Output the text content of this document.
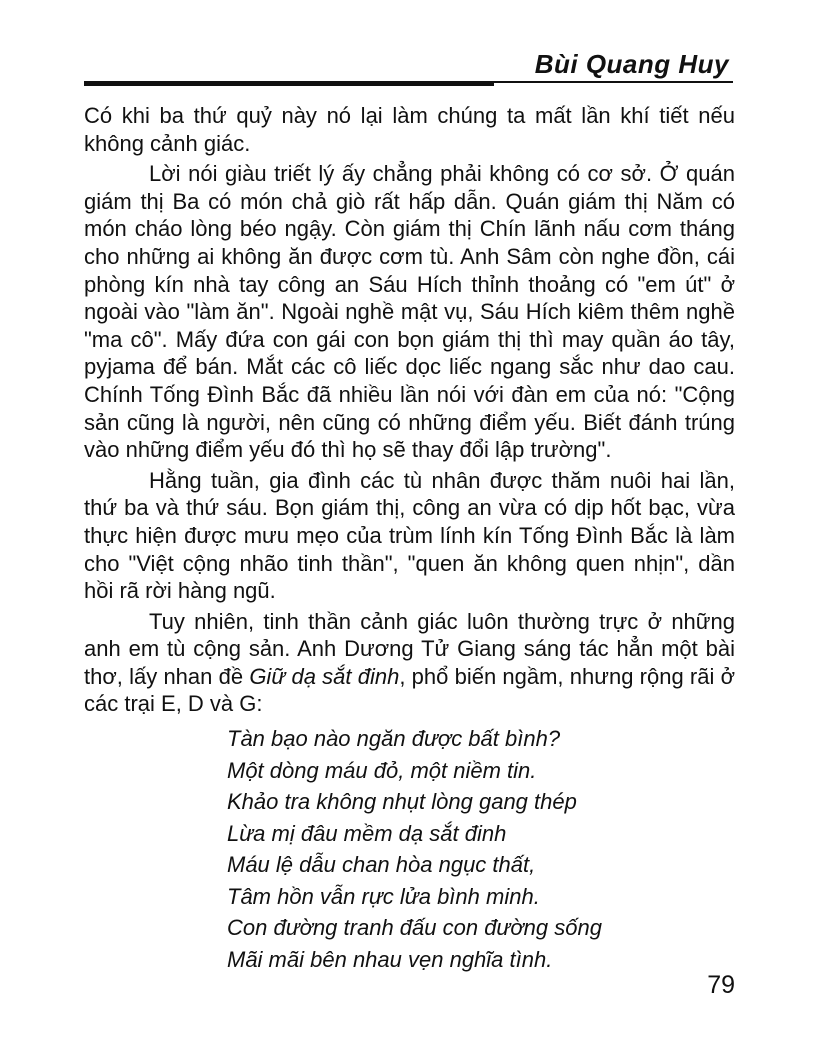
Bùi Quang Huy

Có khi ba thứ quỷ này nó lại làm chúng ta mất lần khí tiết nếu không cảnh giác.

Lời nói giàu triết lý ấy chẳng phải không có cơ sở. Ở quán giám thị Ba có món chả giò rất hấp dẫn. Quán giám thị Năm có món cháo lòng béo ngậy. Còn giám thị Chín lãnh nấu cơm tháng cho những ai không ăn được cơm tù. Anh Sâm còn nghe đồn, cái phòng kín nhà tay công an Sáu Hích thỉnh thoảng có "em út" ở ngoài vào "làm ăn". Ngoài nghề mật vụ, Sáu Hích kiêm thêm nghề "ma cô". Mấy đứa con gái con bọn giám thị thì may quần áo tây, pyjama để bán. Mắt các cô liếc dọc liếc ngang sắc như dao cau. Chính Tống Đình Bắc đã nhiều lần nói với đàn em của nó: "Cộng sản cũng là người, nên cũng có những điểm yếu. Biết đánh trúng vào những điểm yếu đó thì họ sẽ thay đổi lập trường".

Hằng tuần, gia đình các tù nhân được thăm nuôi hai lần, thứ ba và thứ sáu. Bọn giám thị, công an vừa có dịp hốt bạc, vừa thực hiện được mưu mẹo của trùm lính kín Tống Đình Bắc là làm cho "Việt cộng nhão tinh thần", "quen ăn không quen nhịn", dần hồi rã rời hàng ngũ.

Tuy nhiên, tinh thần cảnh giác luôn thường trực ở những anh em tù cộng sản. Anh Dương Tử Giang sáng tác hẳn một bài thơ, lấy nhan đề Giữ dạ sắt đinh, phổ biến ngầm, nhưng rộng rãi ở các trại E, D và G:

Tàn bạo nào ngăn được bất bình?
Một dòng máu đỏ, một niềm tin.
Khảo tra không nhụt lòng gang thép
Lừa mị đâu mềm dạ sắt đinh
Máu lệ dẫu chan hòa ngục thất,
Tâm hồn vẫn rực lửa bình minh.
Con đường tranh đấu con đường sống
Mãi mãi bên nhau vẹn nghĩa tình.
79
